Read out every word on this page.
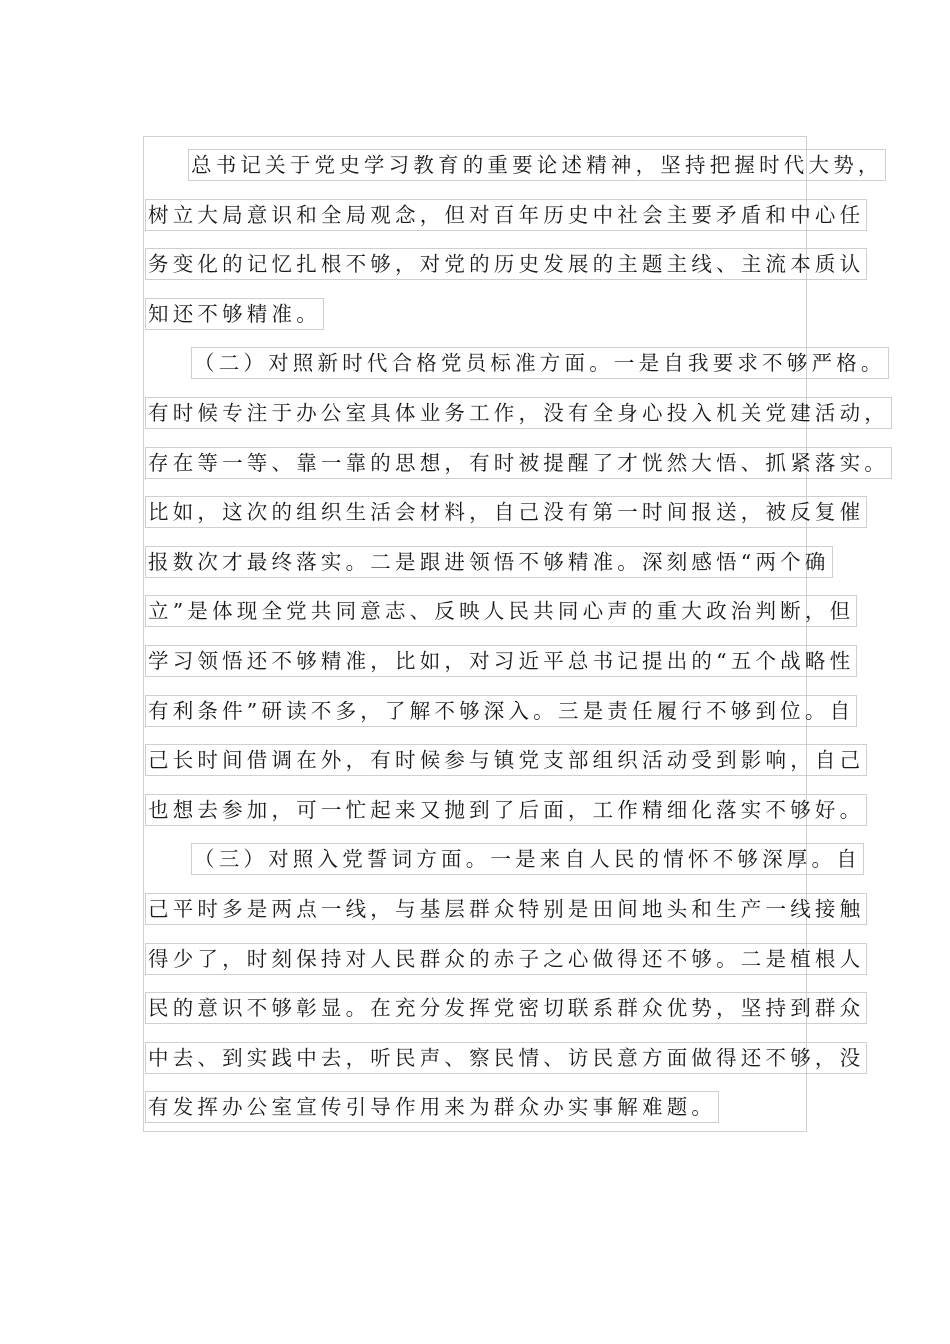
总书记关于党史学习教育的重要论述精神，坚持把握时代大势，
树立大局意识和全局观念，但对百年历史中社会主要矛盾和中心任
务变化的记忆扎根不够，对党的历史发展的主题主线、主流本质认
知还不够精准。
（二）对照新时代合格党员标准方面。一是自我要求不够严格。
有时候专注于办公室具体业务工作，没有全身心投入机关党建活动，
存在等一等、靠一靠的思想，有时被提醒了才恍然大悟、抓紧落实。
比如，这次的组织生活会材料，自己没有第一时间报送，被反复催
报数次才最终落实。二是跟进领悟不够精准。深刻感悟“两个确
立”是体现全党共同意志、反映人民共同心声的重大政治判断，但
学习领悟还不够精准，比如，对习近平总书记提出的“五个战略性
有利条件”研读不多，了解不够深入。三是责任履行不够到位。自
己长时间借调在外，有时候参与镇党支部组织活动受到影响，自己
也想去参加，可一忙起来又抛到了后面，工作精细化落实不够好。
（三）对照入党誓词方面。一是来自人民的情怀不够深厚。自
己平时多是两点一线，与基层群众特别是田间地头和生产一线接触
得少了，时刻保持对人民群众的赤子之心做得还不够。二是植根人
民的意识不够彰显。在充分发挥党密切联系群众优势，坚持到群众
中去、到实践中去，听民声、察民情、访民意方面做得还不够，没
有发挥办公室宣传引导作用来为群众办实事解难题。
